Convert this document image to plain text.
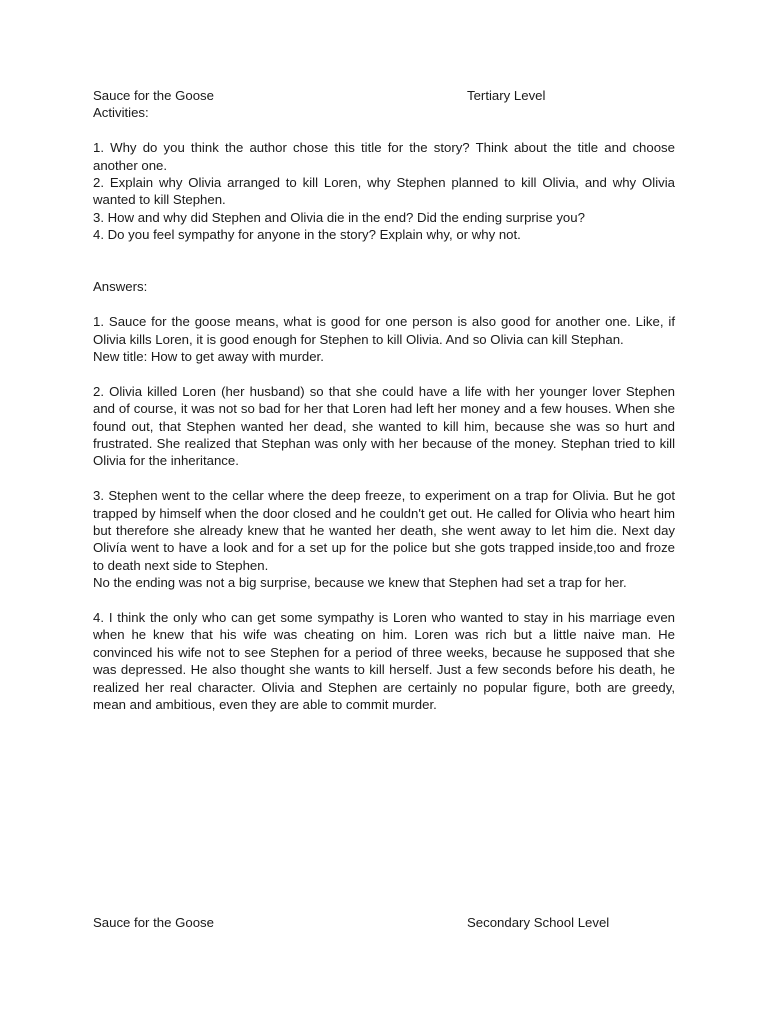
Sauce for the Goose	Tertiary Level

Activities:

1. Why do you think the author chose this title for the story? Think about the title and choose another one.

2. Explain why Olivia arranged to kill Loren, why Stephen planned to kill Olivia, and why Olivia wanted to kill Stephen.

3. How and why did Stephen and Olivia die in the end? Did the ending surprise you?

4. Do you feel sympathy for anyone in the story? Explain why, or why not.

Answers:

1. Sauce for the goose means, what is good for one person is also good for another one. Like, if Olivia kills Loren, it is good enough for Stephen to kill Olivia. And so Olivia can kill Stephan.

New title: How to get away with murder.

2. Olivia killed Loren (her husband) so that she could have a life with her younger lover Stephen and of course, it was not so bad for her that Loren had left her money and a few houses. When she found out, that Stephen wanted her dead, she wanted to kill him, because she was so hurt and frustrated. She realized that Stephan was only with her because of the money. Stephan tried to kill Olivia for the inheritance.

3. Stephen went to the cellar where the deep freeze, to experiment on a trap for Olivia. But he got trapped by himself when the door closed and he couldn't get out. He called for Olivia who heart him but therefore she already knew that he wanted her death, she went away to let him die. Next day Olivía went to have a look and for a set up for the police but she gots trapped inside,too and froze to death next side to Stephen.

No the ending was not a big surprise, because we knew that Stephen had set a trap for her.

4. I think the only who can get some sympathy is Loren who wanted to stay in his marriage even when he knew that his wife was cheating on him. Loren was rich but a little naive man. He convinced his wife not to see Stephen for a period of three weeks, because he supposed that she was depressed. He also thought she wants to kill herself. Just a few seconds before his death, he realized her real character. Olivia and Stephen are certainly no popular figure, both are greedy, mean and ambitious, even they are able to commit murder.

Sauce for the Goose	Secondary School Level
